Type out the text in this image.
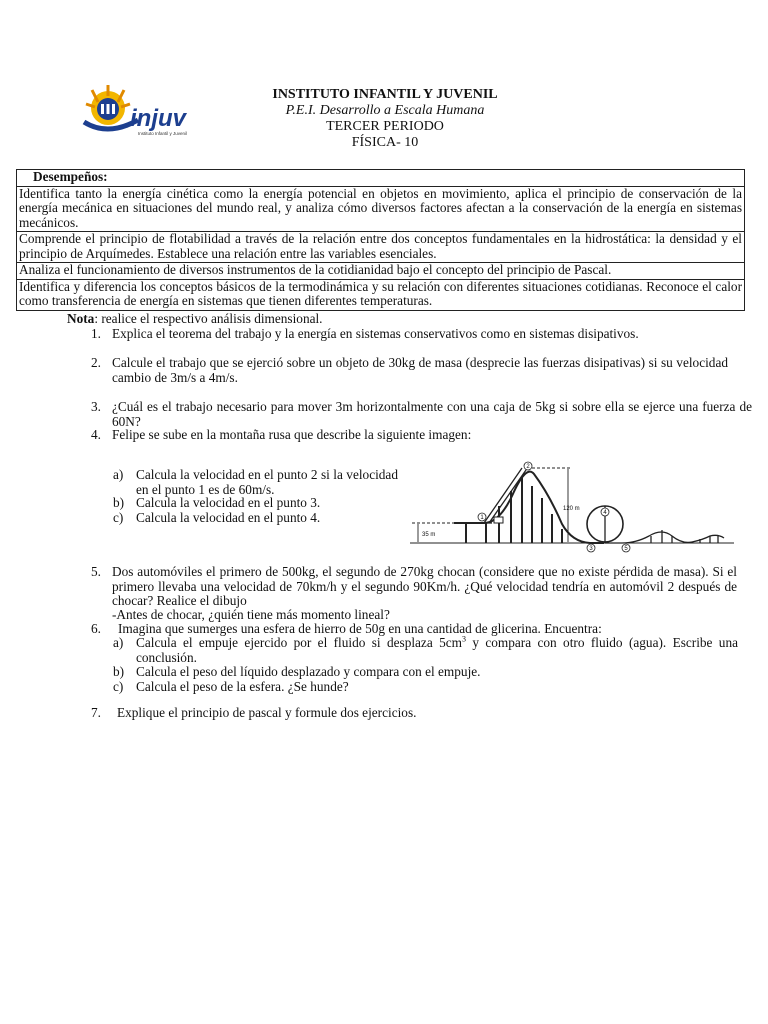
injuv
Instituto Infantil y Juvenil
INSTITUTO INFANTIL Y JUVENIL
P.E.I. Desarrollo a Escala Humana
TERCER PERIODO
FÍSICA- 10
Desempeños:
Identifica tanto la energía cinética como la energía potencial en objetos en movimiento, aplica el principio de conservación de la energía mecánica en situaciones del mundo real, y analiza cómo diversos factores afectan a la conservación de la energía en sistemas mecánicos.
Comprende el principio de flotabilidad a través de la relación entre dos conceptos fundamentales en la hidrostática: la densidad y el principio de Arquímedes. Establece una relación entre las variables esenciales.
Analiza el funcionamiento de diversos instrumentos de la cotidianidad bajo el concepto del principio de Pascal.
Identifica y diferencia los conceptos básicos de la termodinámica y su relación con diferentes situaciones cotidianas. Reconoce el calor como transferencia de energía en sistemas que tienen diferentes temperaturas.
Nota: realice el respectivo análisis dimensional.
1. Explica el teorema del trabajo y la energía en sistemas conservativos como en sistemas disipativos.
2. Calcule el trabajo que se ejerció sobre un objeto de 30kg de masa (desprecie las fuerzas disipativas) si su velocidad cambio de 3m/s a 4m/s.
3. ¿Cuál es el trabajo necesario para mover 3m horizontalmente con una caja de 5kg si sobre ella se ejerce una fuerza de 60N?
4. Felipe se sube en la montaña rusa que describe la siguiente imagen:
a) Calcula la velocidad en el punto 2 si la velocidad en el punto 1 es de 60m/s.
b) Calcula la velocidad en el punto 3.
c) Calcula la velocidad en el punto 4.
5. Dos automóviles el primero de 500kg, el segundo de 270kg chocan (considere que no existe pérdida de masa). Si el primero llevaba una velocidad de 70km/h y el segundo 90Km/h. ¿Qué velocidad tendría en automóvil 2 después de chocar? Realice el dibujo
-Antes de chocar, ¿quién tiene más momento lineal?
6. Imagina que sumerges una esfera de hierro de 50g en una cantidad de glicerina. Encuentra:
a) Calcula el empuje ejercido por el fluido si desplaza $5cm^3$ y compara con otro fluido (agua). Escribe una conclusión.
b) Calcula el peso del líquido desplazado y compara con el empuje.
c) Calcula el peso de la esfera. ¿Se hunde?
7. Explique el principio de pascal y formule dos ejercicios.
35 m
120 m
1
2
3
4
5
